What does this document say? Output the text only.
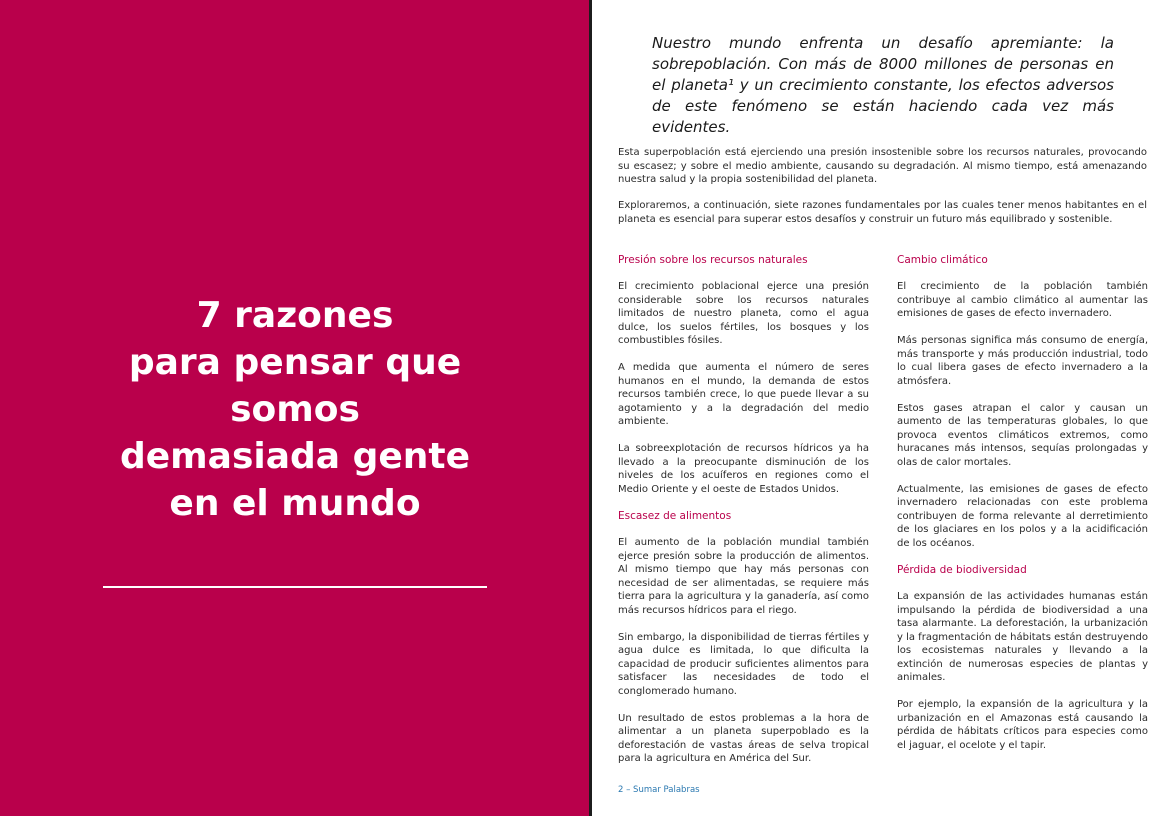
7 razones
para pensar que
somos
demasiada gente
en el mundo

Nuestro mundo enfrenta un desafío apremiante: la sobrepoblación. Con más de 8000 millones de personas en el planeta¹ y un crecimiento constante, los efectos adversos de este fenómeno se están haciendo cada vez más evidentes.

Esta superpoblación está ejerciendo una presión insostenible sobre los recursos naturales, provocando su escasez; y sobre el medio ambiente, causando su degradación. Al mismo tiempo, está amenazando nuestra salud y la propia sostenibilidad del planeta.

Exploraremos, a continuación, siete razones fundamentales por las cuales tener menos habitantes en el planeta es esencial para superar estos desafíos y construir un futuro más equilibrado y sostenible.

Presión sobre los recursos naturales

El crecimiento poblacional ejerce una presión considerable sobre los recursos naturales limitados de nuestro planeta, como el agua dulce, los suelos fértiles, los bosques y los combustibles fósiles.

A medida que aumenta el número de seres humanos en el mundo, la demanda de estos recursos también crece, lo que puede llevar a su agotamiento y a la degradación del medio ambiente.

La sobreexplotación de recursos hídricos ya ha llevado a la preocupante disminución de los niveles de los acuíferos en regiones como el Medio Oriente y el oeste de Estados Unidos.

Escasez de alimentos

El aumento de la población mundial también ejerce presión sobre la producción de alimentos. Al mismo tiempo que hay más personas con necesidad de ser alimentadas, se requiere más tierra para la agricultura y la ganadería, así como más recursos hídricos para el riego.

Sin embargo, la disponibilidad de tierras fértiles y agua dulce es limitada, lo que dificulta la capacidad de producir suficientes alimentos para satisfacer las necesidades de todo el conglomerado humano.

Un resultado de estos problemas a la hora de alimentar a un planeta superpoblado es la deforestación de vastas áreas de selva tropical para la agricultura en América del Sur.

Cambio climático

El crecimiento de la población también contribuye al cambio climático al aumentar las emisiones de gases de efecto invernadero.

Más personas significa más consumo de energía, más transporte y más producción industrial, todo lo cual libera gases de efecto invernadero a la atmósfera.

Estos gases atrapan el calor y causan un aumento de las temperaturas globales, lo que provoca eventos climáticos extremos, como huracanes más intensos, sequías prolongadas y olas de calor mortales.

Actualmente, las emisiones de gases de efecto invernadero relacionadas con este problema contribuyen de forma relevante al derretimiento de los glaciares en los polos y a la acidificación de los océanos.

Pérdida de biodiversidad

La expansión de las actividades humanas están impulsando la pérdida de biodiversidad a una tasa alarmante. La deforestación, la urbanización y la fragmentación de hábitats están destruyendo los ecosistemas naturales y llevando a la extinción de numerosas especies de plantas y animales.

Por ejemplo, la expansión de la agricultura y la urbanización en el Amazonas está causando la pérdida de hábitats críticos para especies como el jaguar, el ocelote y el tapir.

2 – Sumar Palabras
